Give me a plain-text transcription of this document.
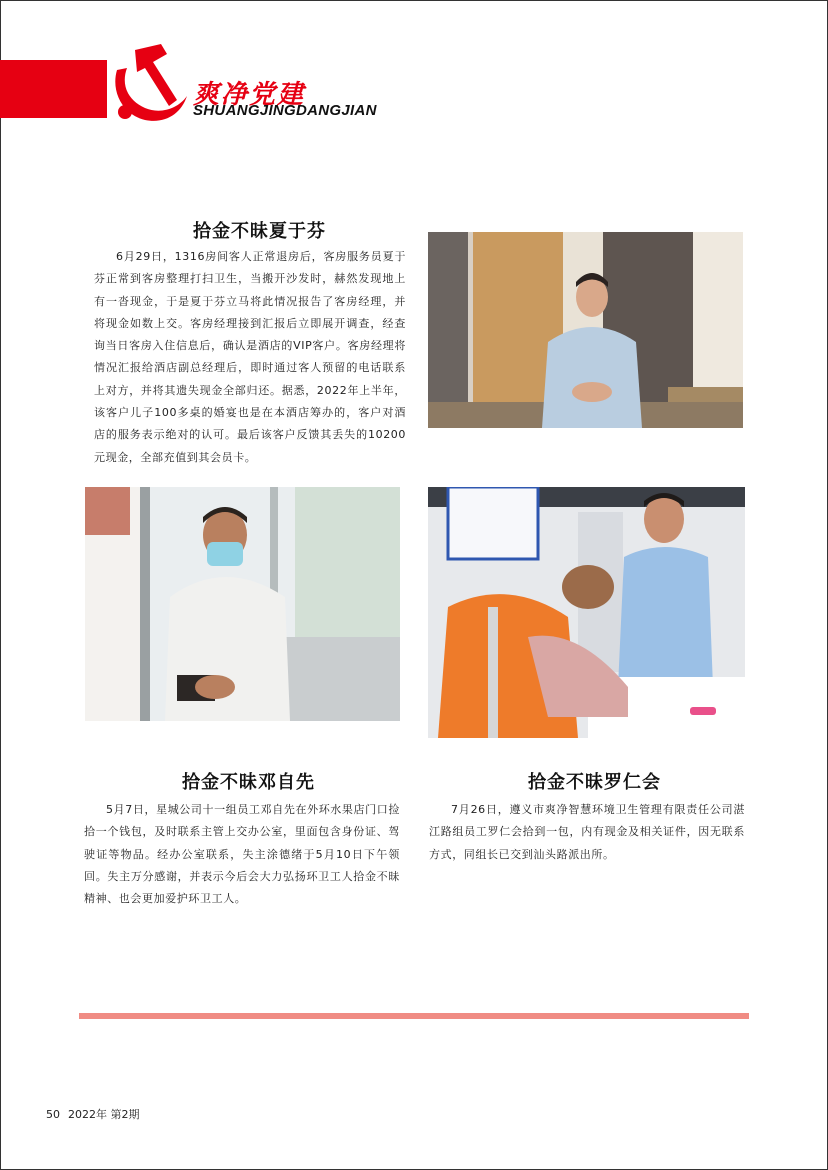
爽净党建
SHUANGJINGDANGJIAN
拾金不昧夏于芬

6月29日，1316房间客人正常退房后，客房服务员夏于芬正常到客房整理打扫卫生，当搬开沙发时，赫然发现地上有一沓现金，于是夏于芬立马将此情况报告了客房经理，并将现金如数上交。客房经理接到汇报后立即展开调查，经查询当日客房入住信息后，确认是酒店的VIP客户。客房经理将情况汇报给酒店副总经理后，即时通过客人预留的电话联系上对方，并将其遗失现金全部归还。据悉，2022年上半年，该客户儿子100多桌的婚宴也是在本酒店筹办的，客户对酒店的服务表示绝对的认可。最后该客户反馈其丢失的10200元现金，全部充值到其会员卡。

拾金不昧邓自先

5月7日，星城公司十一组员工邓自先在外环水果店门口捡拾一个钱包，及时联系主管上交办公室，里面包含身份证、驾驶证等物品。经办公室联系，失主涂德绪于5月10日下午领回。失主万分感谢，并表示今后会大力弘扬环卫工人拾金不昧精神、也会更加爱护环卫工人。

拾金不昧罗仁会

7月26日，遵义市爽净智慧环境卫生管理有限责任公司湛江路组员工罗仁会拾到一包，内有现金及相关证件，因无联系方式，同组长已交到汕头路派出所。

50 2022年 第2期
